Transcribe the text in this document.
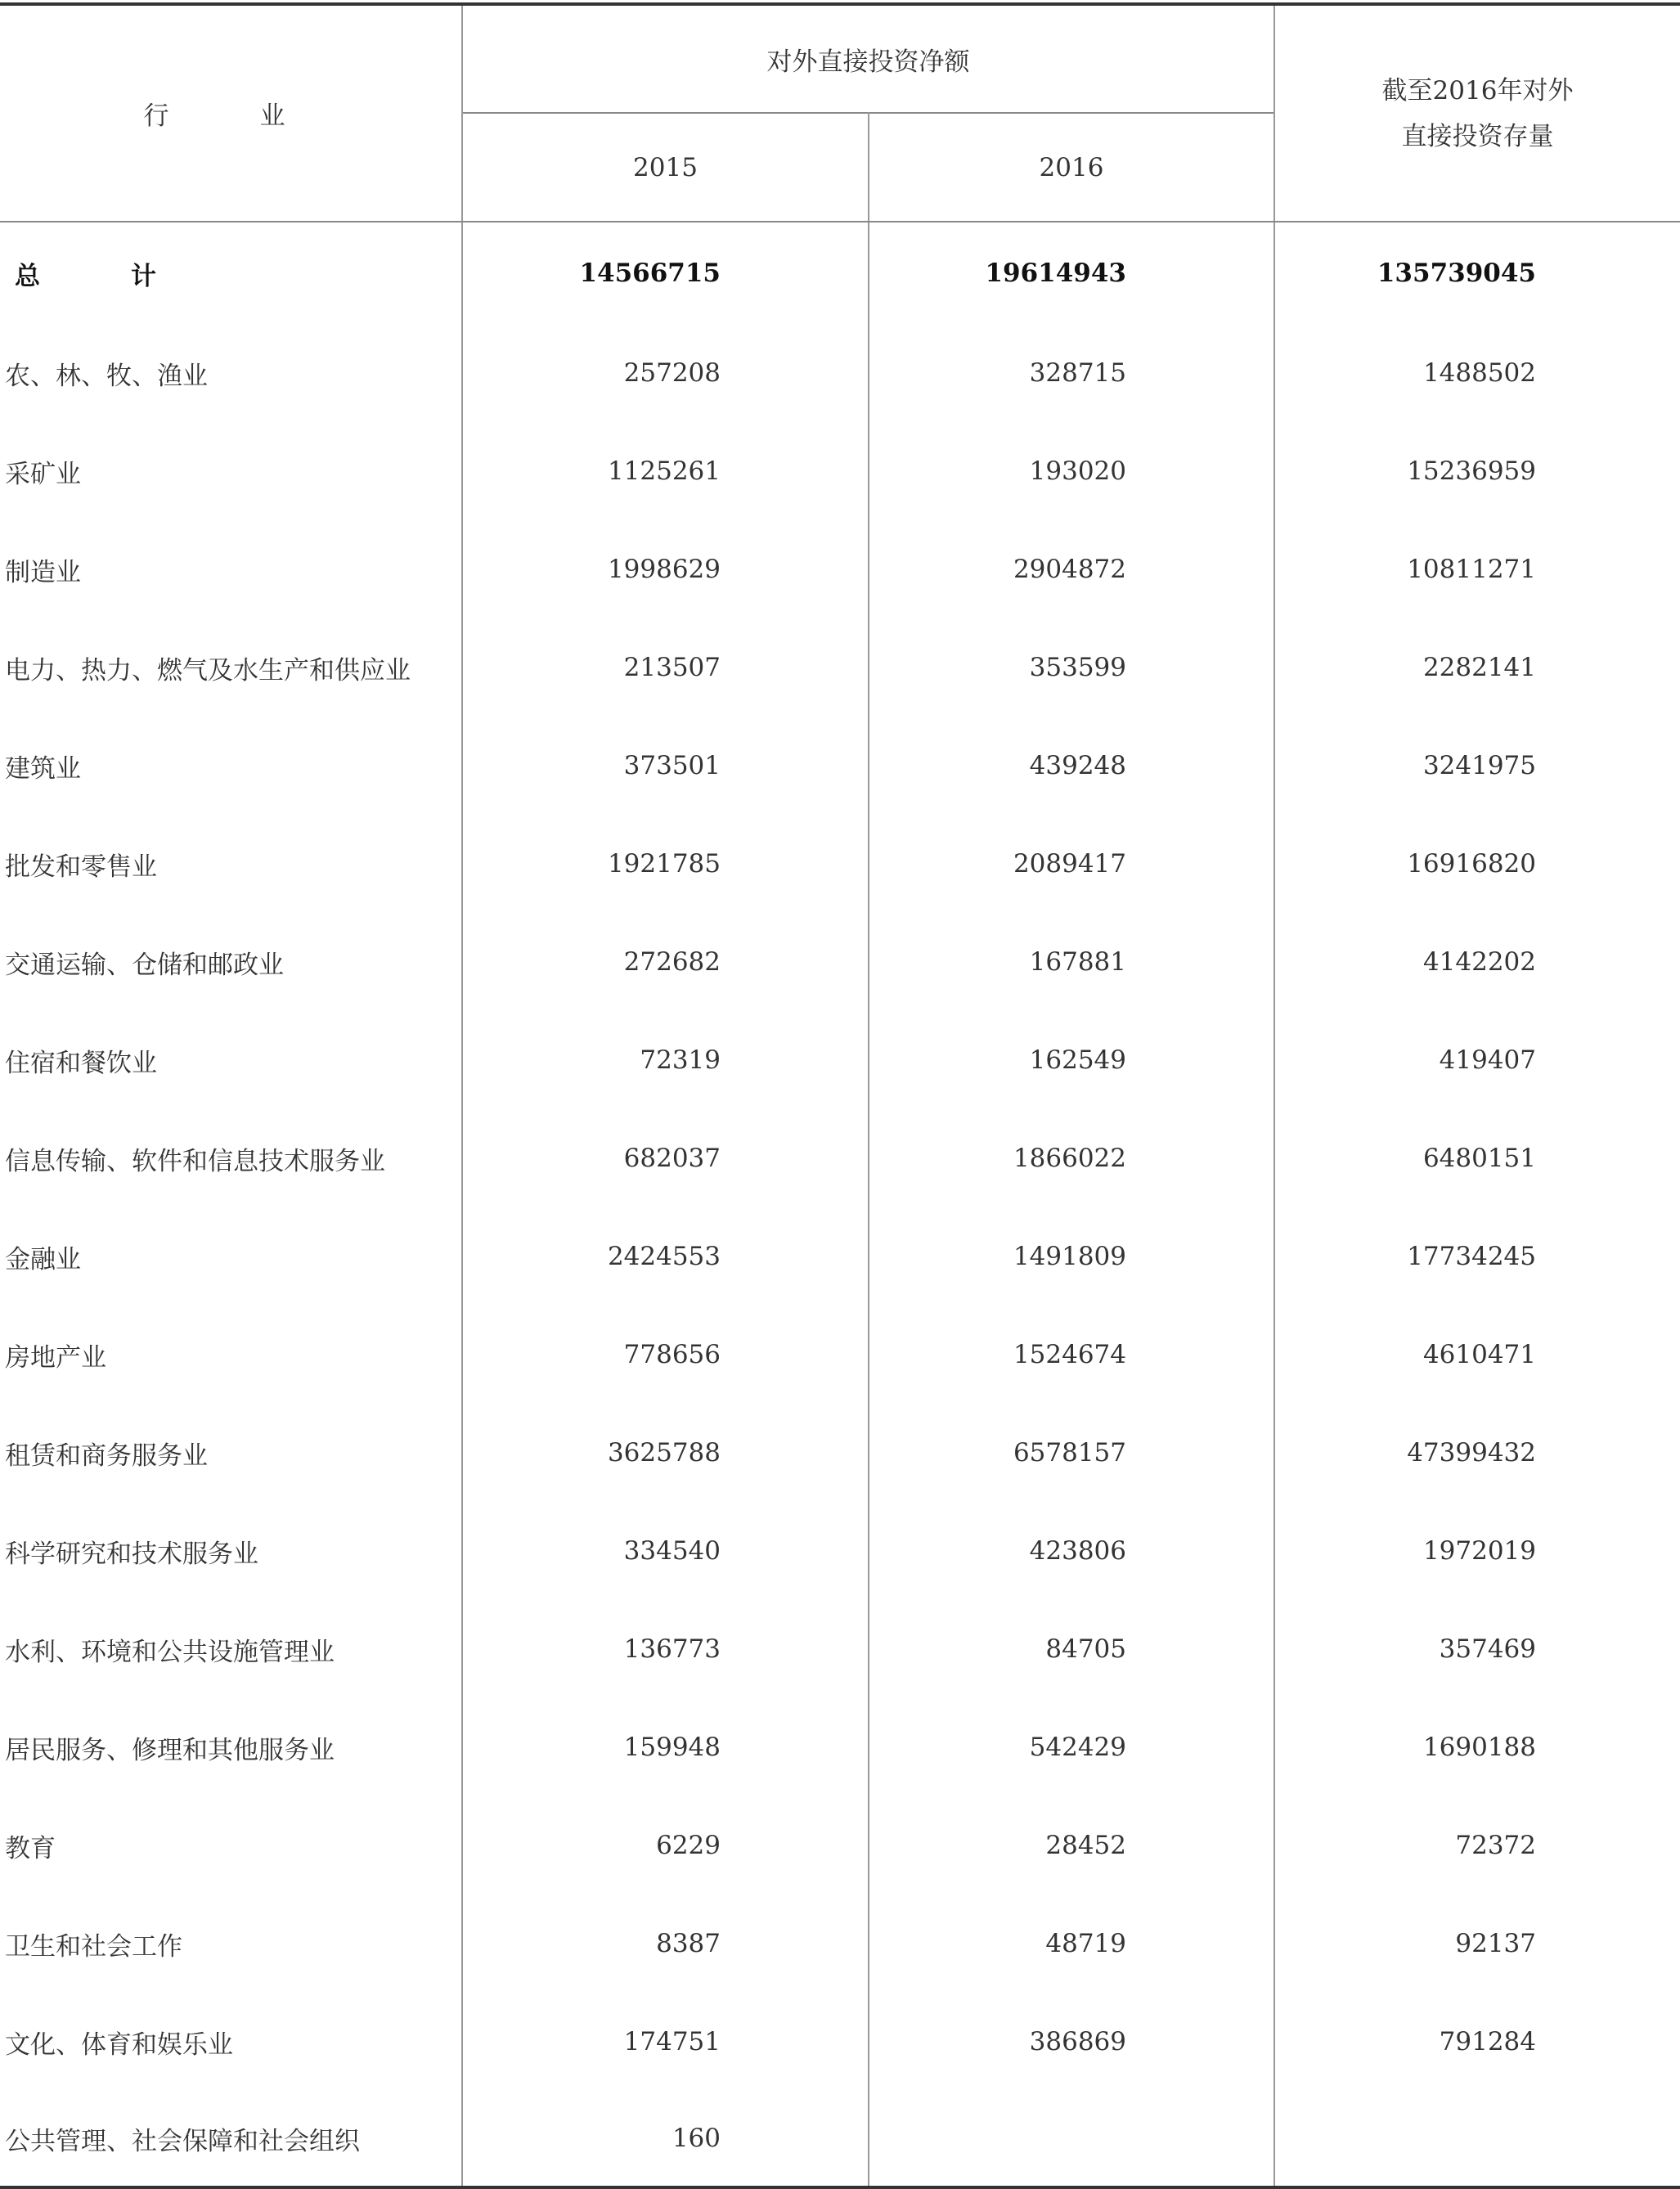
行　业	对外直接投资净额		截至2016年对外
直接投资存量

	2015	2016	
总　计	14566715	19614943	135739045
农、林、牧、渔业	257208	328715	1488502
采矿业	1125261	193020	15236959
制造业	1998629	2904872	10811271
电力、热力、燃气及水生产和供应业	213507	353599	2282141
建筑业	373501	439248	3241975
批发和零售业	1921785	2089417	16916820
交通运输、仓储和邮政业	272682	167881	4142202
住宿和餐饮业	72319	162549	419407
信息传输、软件和信息技术服务业	682037	1866022	6480151
金融业	2424553	1491809	17734245
房地产业	778656	1524674	4610471
租赁和商务服务业	3625788	6578157	47399432
科学研究和技术服务业	334540	423806	1972019
水利、环境和公共设施管理业	136773	84705	357469
居民服务、修理和其他服务业	159948	542429	1690188
教育	6229	28452	72372
卫生和社会工作	8387	48719	92137
文化、体育和娱乐业	174751	386869	791284
公共管理、社会保障和社会组织	160		
